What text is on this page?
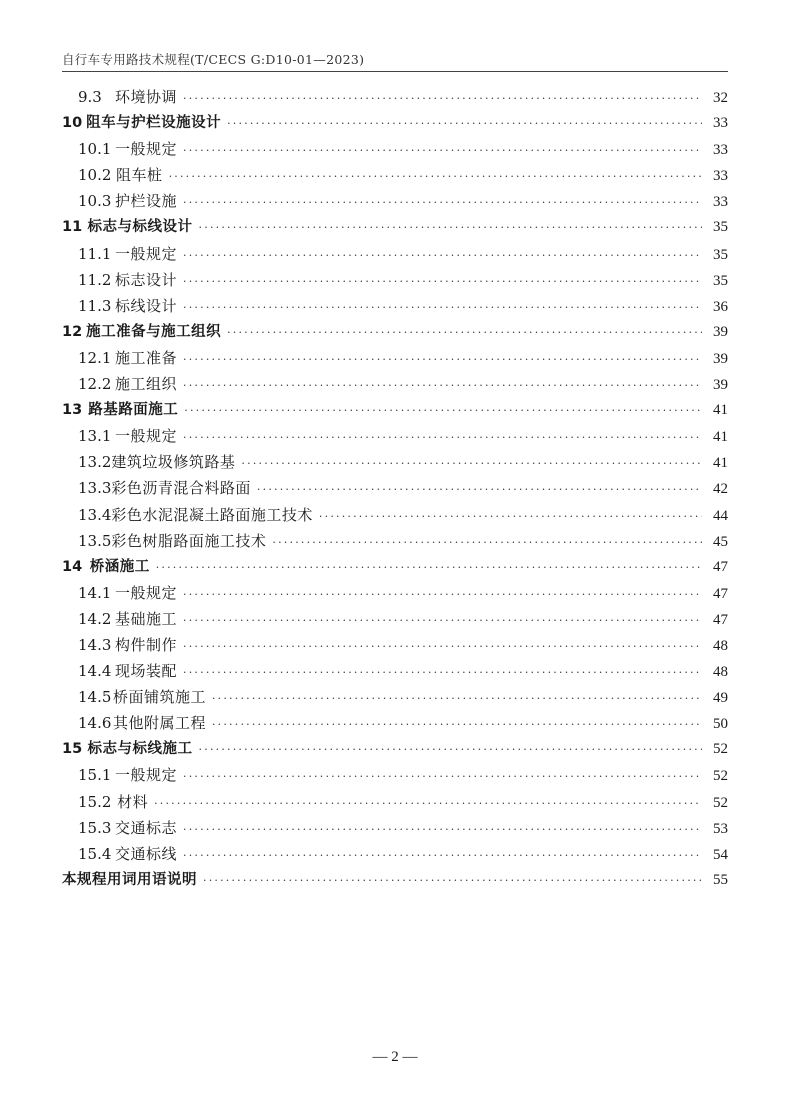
自行车专用路技术规程(T/CECS G:D10-01—2023)
9.3 环境协调 ·····	32
10 阻车与护栏设施设计 ·····	33
10.1 一般规定 ·····	33
10.2 阻车桩 ·····	33
10.3 护栏设施 ·····	33
11 标志与标线设计 ·····	35
11.1 一般规定 ·····	35
11.2 标志设计 ·····	35
11.3 标线设计 ·····	36
12 施工准备与施工组织 ·····	39
12.1 施工准备 ·····	39
12.2 施工组织 ·····	39
13 路基路面施工 ·····	41
13.1 一般规定 ·····	41
13.2 建筑垃圾修筑路基 ·····	41
13.3 彩色沥青混合料路面 ·····	42
13.4 彩色水泥混凝土路面施工技术 ·····	44
13.5 彩色树脂路面施工技术 ·····	45
14 桥涵施工 ·····	47
14.1 一般规定 ·····	47
14.2 基础施工 ·····	47
14.3 构件制作 ·····	48
14.4 现场装配 ·····	48
14.5 桥面铺筑施工 ·····	49
14.6 其他附属工程 ·····	50
15 标志与标线施工 ·····	52
15.1 一般规定 ·····	52
15.2 材料 ·····	52
15.3 交通标志 ·····	53
15.4 交通标线 ·····	54
本规程用词用语说明 ·····	55
— 2 —
